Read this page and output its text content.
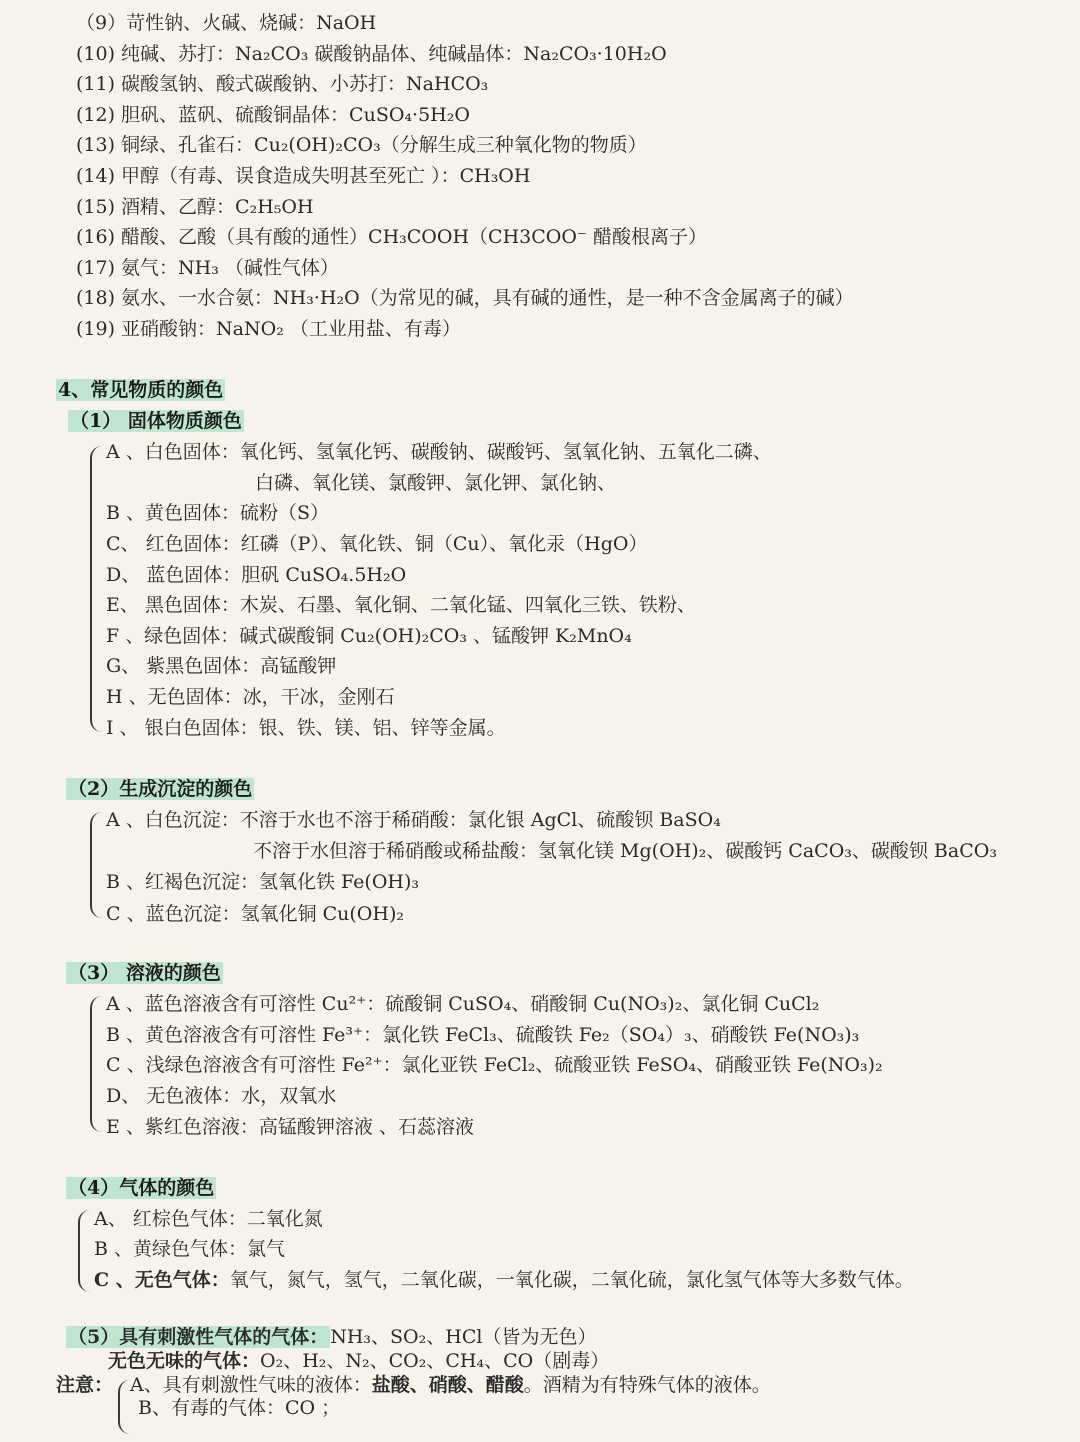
（9）苛性钠、火碱、烧碱：NaOH
(10) 纯碱、苏打：Na₂CO₃ 碳酸钠晶体、纯碱晶体：Na₂CO₃·10H₂O
(11) 碳酸氢钠、酸式碳酸钠、小苏打：NaHCO₃
(12) 胆矾、蓝矾、硫酸铜晶体：CuSO₄·5H₂O
(13) 铜绿、孔雀石：Cu₂(OH)₂CO₃（分解生成三种氧化物的物质）
(14) 甲醇（有毒、误食造成失明甚至死亡 ）：CH₃OH
(15) 酒精、乙醇：C₂H₅OH
(16) 醋酸、乙酸（具有酸的通性）CH₃COOH（CH3COO⁻ 醋酸根离子）
(17) 氨气：NH₃ （碱性气体）
(18) 氨水、一水合氨：NH₃·H₂O（为常见的碱，具有碱的通性，是一种不含金属离子的碱）
(19) 亚硝酸钠：NaNO₂ （工业用盐、有毒）
4、常见物质的颜色
（1） 固体物质颜色
A 、白色固体：氧化钙、氢氧化钙、碳酸钠、碳酸钙、氢氧化钠、五氧化二磷、
白磷、氧化镁、氯酸钾、氯化钾、氯化钠、
B 、黄色固体：硫粉（S）
C、 红色固体：红磷（P）、氧化铁、铜（Cu）、氧化汞（HgO）
D、 蓝色固体：胆矾 CuSO₄.5H₂O
E、 黑色固体：木炭、石墨、氧化铜、二氧化锰、四氧化三铁、铁粉、
F 、绿色固体：碱式碳酸铜 Cu₂(OH)₂CO₃ 、锰酸钾 K₂MnO₄
G、 紫黑色固体：高锰酸钾
H 、无色固体：冰，干冰，金刚石
I 、 银白色固体：银、铁、镁、铝、锌等金属。
（2）生成沉淀的颜色
A 、白色沉淀：不溶于水也不溶于稀硝酸：氯化银 AgCl、硫酸钡 BaSO₄
不溶于水但溶于稀硝酸或稀盐酸：氢氧化镁 Mg(OH)₂、碳酸钙 CaCO₃、碳酸钡 BaCO₃
B 、红褐色沉淀：氢氧化铁 Fe(OH)₃
C 、蓝色沉淀：氢氧化铜 Cu(OH)₂
（3） 溶液的颜色
A 、蓝色溶液含有可溶性 Cu²⁺：硫酸铜 CuSO₄、硝酸铜 Cu(NO₃)₂、氯化铜 CuCl₂
B 、黄色溶液含有可溶性 Fe³⁺：氯化铁 FeCl₃、硫酸铁 Fe₂（SO₄）₃、硝酸铁 Fe(NO₃)₃
C 、浅绿色溶液含有可溶性 Fe²⁺：氯化亚铁 FeCl₂、硫酸亚铁 FeSO₄、硝酸亚铁 Fe(NO₃)₂
D、 无色液体：水，双氧水
E 、紫红色溶液：高锰酸钾溶液 、石蕊溶液
（4）气体的颜色
A、 红棕色气体：二氧化氮
B 、黄绿色气体：氯气
C 、无色气体：氧气，氮气，氢气，二氧化碳，一氧化碳，二氧化硫，氯化氢气体等大多数气体。
（5）具有刺激性气体的气体： NH₃、SO₂、HCl（皆为无色）
无色无味的气体：O₂、H₂、N₂、CO₂、CH₄、CO（剧毒）
注意： A、具有刺激性气味的液体：盐酸、硝酸、醋酸。酒精为有特殊气体的液体。
B、有毒的气体：CO ；
